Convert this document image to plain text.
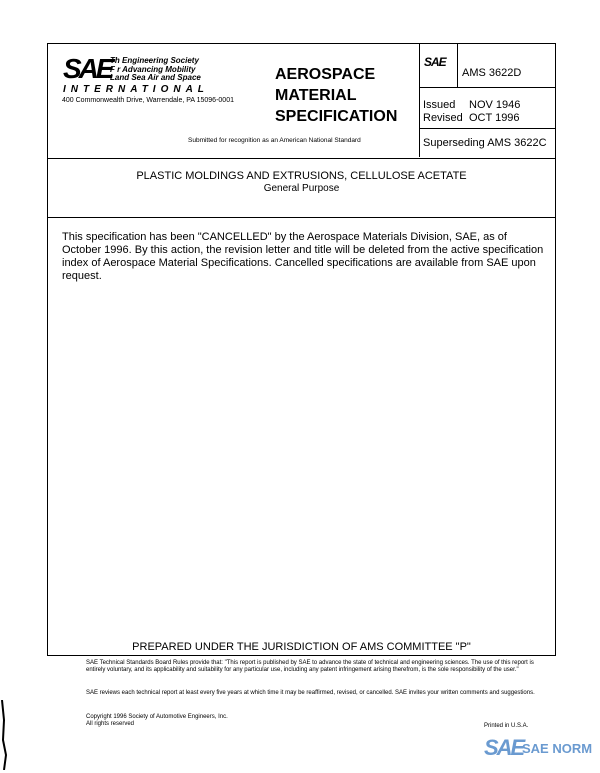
SAE
Th Engineering Society
F r Advancing Mobility
Land Sea Air and Space
INTERNATIONAL
400 Commonwealth Drive, Warrendale, PA 15096-0001
AEROSPACE
MATERIAL
SPECIFICATION
Submitted for recognition as an American National Standard
SAE
AMS 3622D
Issued NOV 1946
Revised OCT 1996
Superseding AMS 3622C
PLASTIC MOLDINGS AND EXTRUSIONS, CELLULOSE ACETATE
General Purpose
This specification has been "CANCELLED" by the Aerospace Materials Division, SAE, as of October 1996. By this action, the revision letter and title will be deleted from the active specification index of Aerospace Material Specifications. Cancelled specifications are available from SAE upon request.
PREPARED UNDER THE JURISDICTION OF AMS COMMITTEE "P"
SAE Technical Standards Board Rules provide that: "This report is published by SAE to advance the state of technical and engineering sciences. The use of this report is entirely voluntary, and its applicability and suitability for any particular use, including any patent infringement arising therefrom, is the sole responsibility of the user."
SAE reviews each technical report at least every five years at which time it may be reaffirmed, revised, or cancelled. SAE invites your written comments and suggestions.
Copyright 1996 Society of Automotive Engineers, Inc.
All rights reserved	Printed in U.S.A.
SAE
SAE NORM
